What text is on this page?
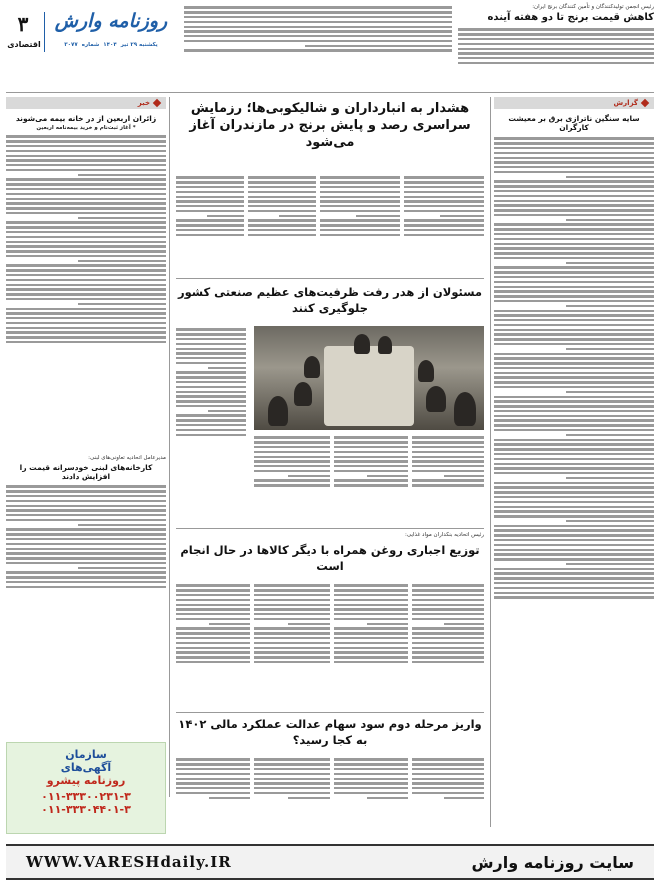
۳
اقتصادی
روزنامه وارش
یکشنبه ۲۹ تیر
۱۴۰۴
شماره
۳۰۷۷
رئیس انجمن تولیدکنندگان و تأمین کنندگان برنج ایران:
کاهش قیمت برنج تا دو هفته آینده
خبر	گزارش
سایه سنگین ناترازی برق بر معیشت کارگران
زائران اربعین از در خانه بیمه می‌شوند
* آغاز ثبت‌نام و خرید بیمه‌نامه اربعین
مدیرعامل اتحادیه تعاونی‌های لبنی:
کارخانه‌های لبنی خودسرانه قیمت را افزایش دادند
سازمان
آگهی‌های
روزنامه پیشرو
۰۱۱-۳۳۳۰۰۲۳۱-۳
۰۱۱-۳۳۳۰۴۴۰۱-۳
هشدار به انبارداران و شالیکوبی‌ها؛ رزمایش سراسری رصد و پایش برنج در مازندران آغاز می‌شود
مسئولان از هدر رفت ظرفیت‌های عظیم صنعتی کشور جلوگیری کنند
رئیس اتحادیه بنکداران مواد غذایی:
توزیع اجباری روغن همراه با دیگر کالاها در حال انجام است
واریز مرحله دوم سود سهام عدالت عملکرد مالی ۱۴۰۲ به کجا رسید؟
سایت روزنامه وارش
WWW.VARESHdaily.IR
